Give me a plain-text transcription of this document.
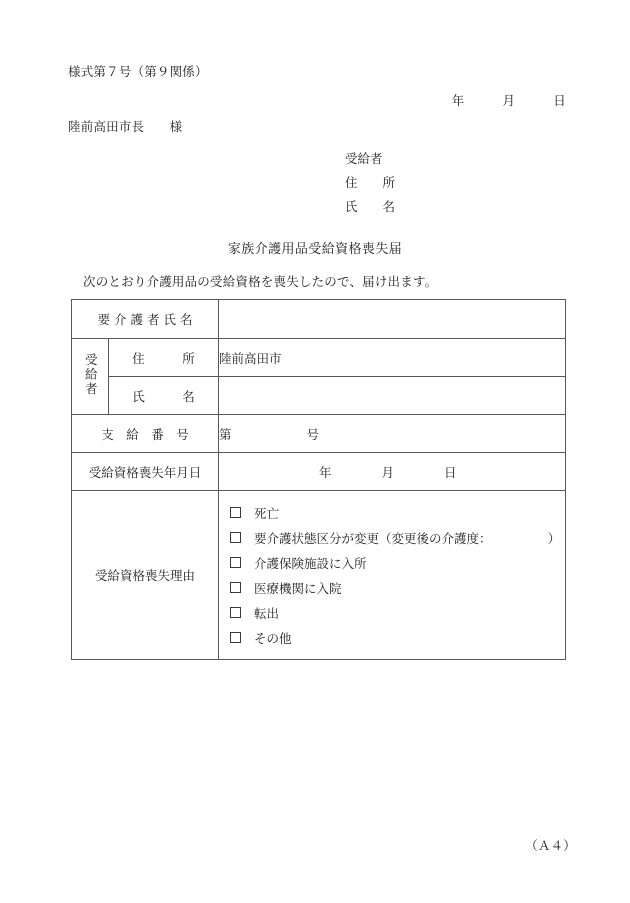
様式第７号（第９関係）
年　　　月　　　日
陸前高田市長　　様
受給者
住　　所
氏　　名
家族介護用品受給資格喪失届
次のとおり介護用品の受給資格を喪失したので、届け出ます。
要 介 護 者 氏 名		
受給者	住　　　所	陸前高田市
	氏　　　名	
支　給　番　号		第　　　　　　号
受給資格喪失年月日		　　　　年　　　　月　　　　日
受給資格喪失理由	
死亡
要介護状態区分が変更（変更後の介護度：　　　　　）
介護保険施設に入所
医療機関に入院
転出
その他
（Ａ４）
